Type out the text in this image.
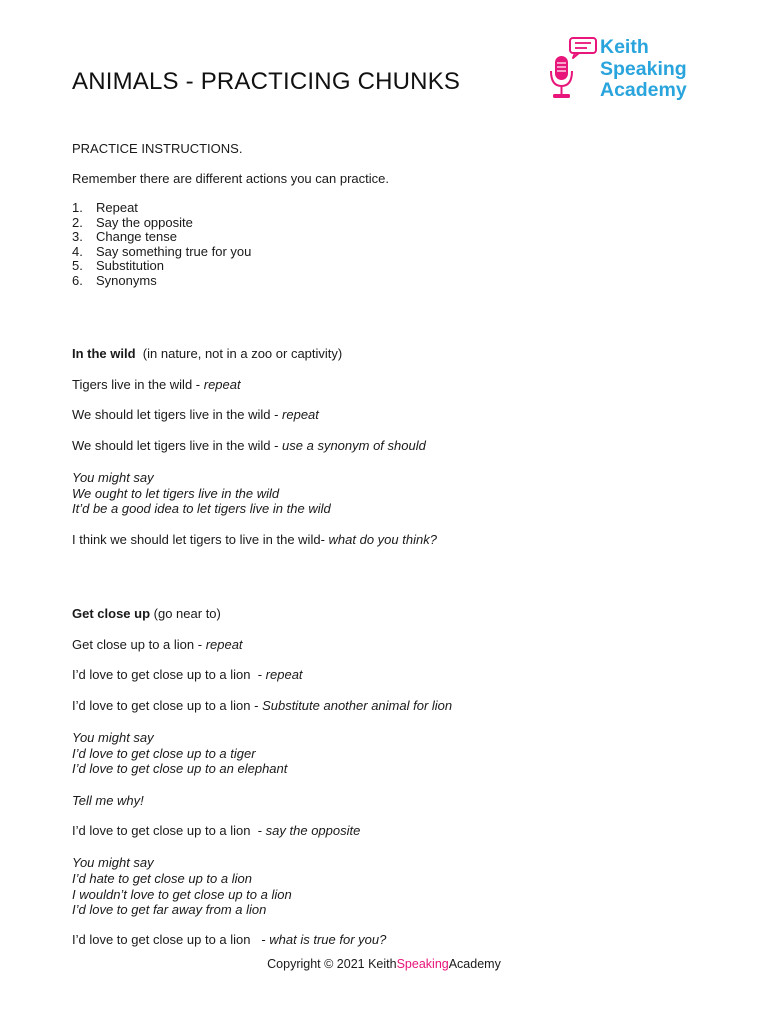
ANIMALS - PRACTICING CHUNKS
Keith
Speaking
Academy
PRACTICE INSTRUCTIONS.
Remember there are different actions you can practice.
1. Repeat
2. Say the opposite
3. Change tense
4. Say something true for you
5. Substitution
6. Synonyms
In the wild (in nature, not in a zoo or captivity)
Tigers live in the wild - repeat
We should let tigers live in the wild - repeat
We should let tigers live in the wild - use a synonym of should
You might say
We ought to let tigers live in the wild
It’d be a good idea to let tigers live in the wild
I think we should let tigers to live in the wild- what do you think?
Get close up (go near to)
Get close up to a lion - repeat
I’d love to get close up to a lion  - repeat
I’d love to get close up to a lion - Substitute another animal for lion
You might say
I’d love to get close up to a tiger
I’d love to get close up to an elephant
Tell me why!
I’d love to get close up to a lion  - say the opposite
You might say
I’d hate to get close up to a lion
I wouldn’t love to get close up to a lion
I’d love to get far away from a lion
I’d love to get close up to a lion   - what is true for you?
Copyright © 2021 KeithSpeakingAcademy
